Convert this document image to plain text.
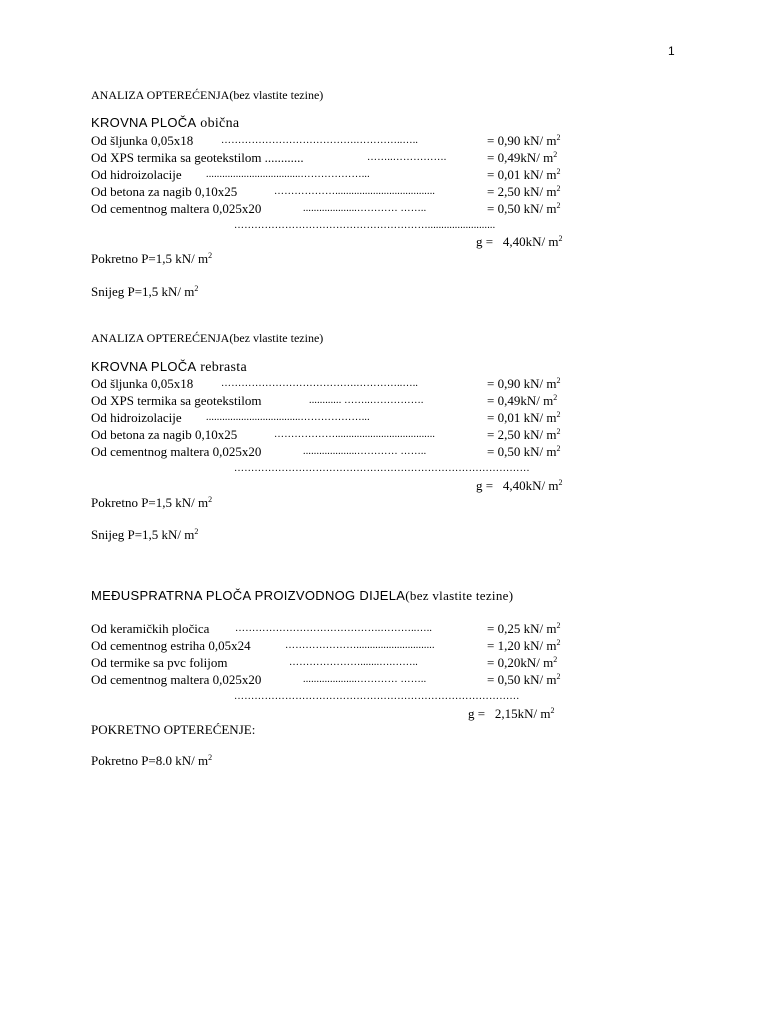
1
ANALIZA OPTEREĆENJA(bez vlastite tezine)
KROVNA PLOČA obična
Od šljunka 0,05x18	………………………………….…………..…..	= 0,90 kN/ $m^2$
Od XPS termika sa geotekstilom ............	……..…………….	= 0,49kN/ $m^2$
Od hidroizolacije ...................................………………...	= 0,01 kN/ $m^2$
Od betona za nagib 0,10x25	……………….....................................	= 2,50 kN/ $m^2$
Od cementnog maltera 0,025x20	....................………… ……..	= 0,50 kN/ $m^2$
………………………………………………….........................
g = 4,40kN/ $m^2$
Pokretno P=1,5 kN/ $m^2$
Snijeg P=1,5 kN/ $m^2$
ANALIZA OPTEREĆENJA(bez vlastite tezine)
KROVNA PLOČA rebrasta
Od šljunka 0,05x18	………………………………….…………..…..	= 0,90 kN/ $m^2$
Od XPS termika sa geotekstilom	............ ……..…………….	= 0,49kN/ $m^2$
Od hidroizolacije ...................................………………...	= 0,01 kN/ $m^2$
Od betona za nagib 0,10x25	……………….....................................	= 2,50 kN/ $m^2$
Od cementnog maltera 0,025x20	....................………… ……..	= 0,50 kN/ $m^2$
……………………………………………………………………………
g = 4,40kN/ $m^2$
Pokretno P=1,5 kN/ $m^2$
Snijeg P=1,5 kN/ $m^2$
MEĐUSPRATRNA PLOČA PROIZVODNOG DIJELA(bez vlastite tezine)
Od keramičkih pločica	…………………………………….………..…..	= 0,25 kN/ $m^2$
Od cementnog estriha 0,05x24	………………….............................	= 1,20 kN/ $m^2$
Od termike sa pvc folijom	………………….......….……..	= 0,20kN/ $m^2$
Od cementnog maltera 0,025x20	....................………… ……..	= 0,50 kN/ $m^2$
…………………………………………………………………………
g = 2,15kN/ $m^2$
POKRETNO OPTEREĆENJE:
Pokretno P=8.0 kN/ $m^2$
